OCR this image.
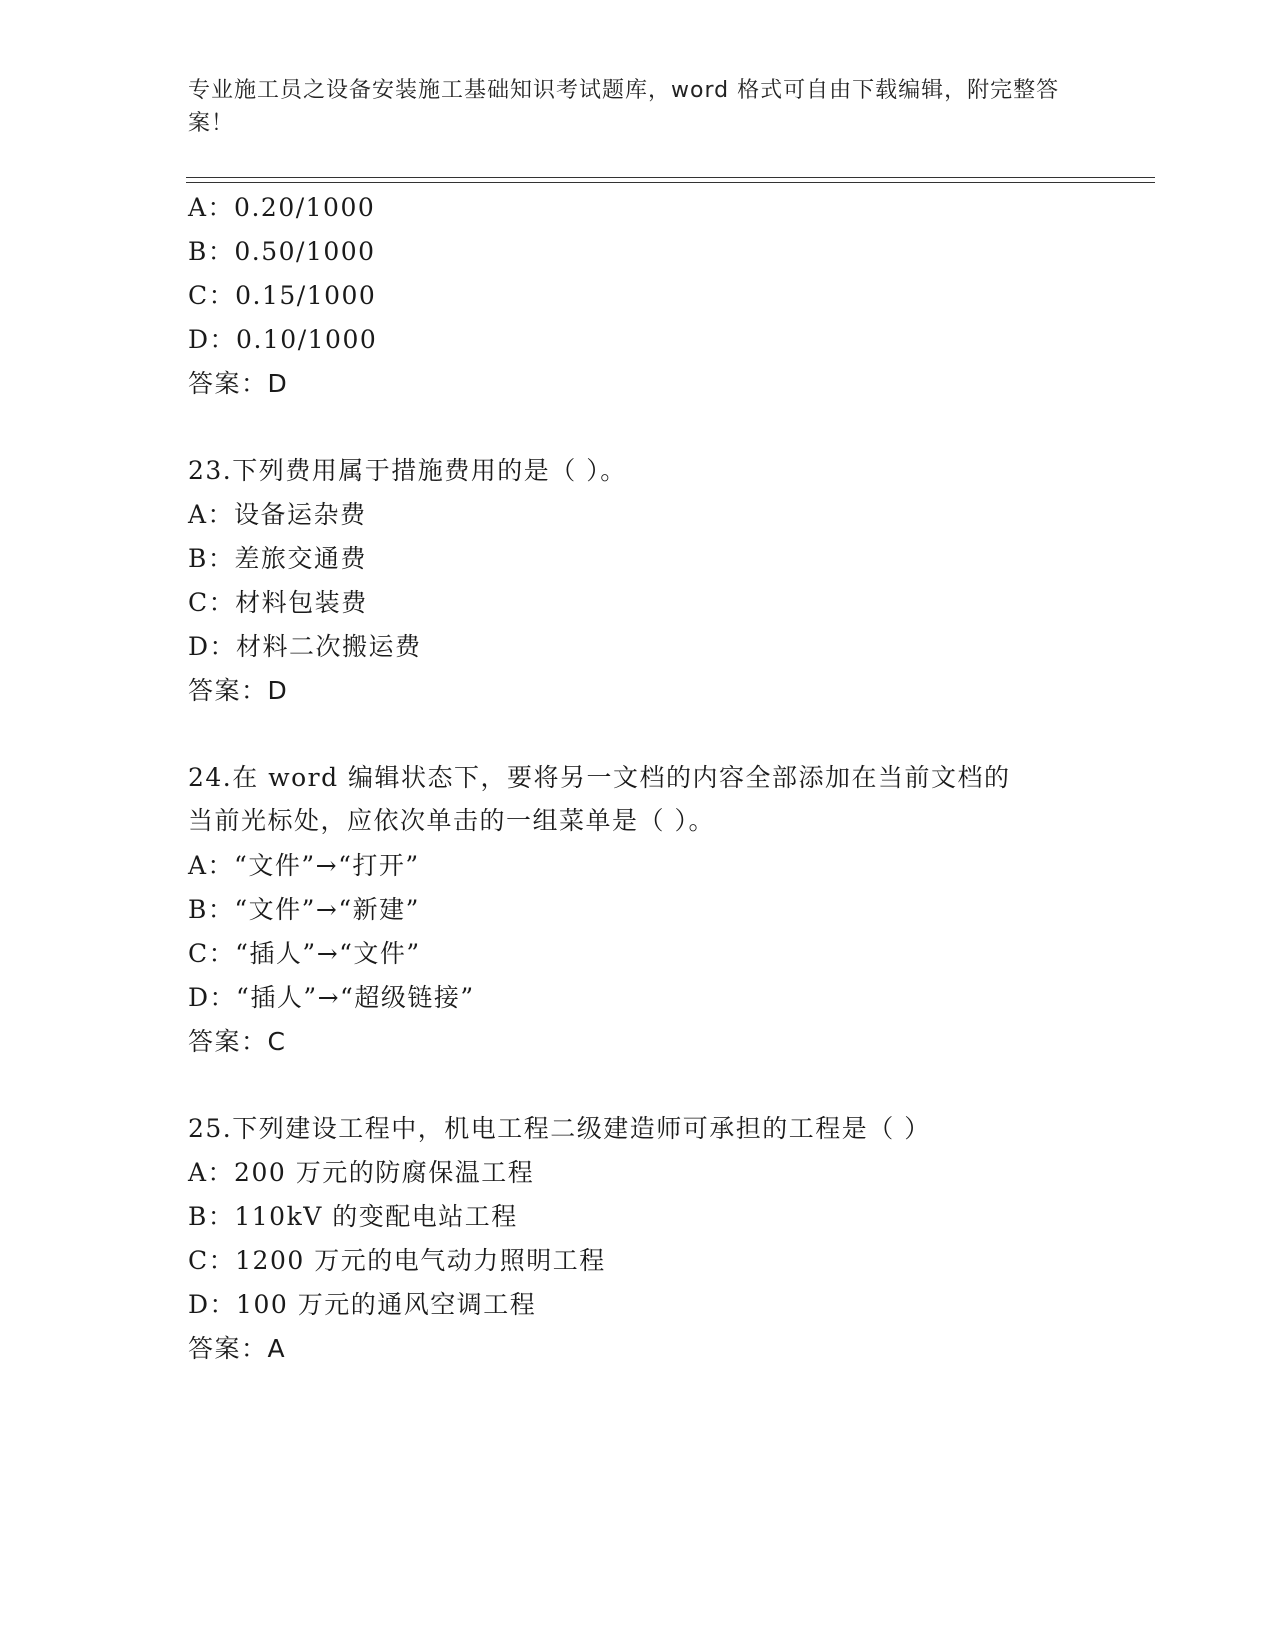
专业施工员之设备安装施工基础知识考试题库，word 格式可自由下载编辑，附完整答案！
A：0.20/1000
B：0.50/1000
C：0.15/1000
D：0.10/1000
答案：D
23.下列费用属于措施费用的是（ ）。
A：设备运杂费
B：差旅交通费
C：材料包装费
D：材料二次搬运费
答案：D
24.在 word 编辑状态下，要将另一文档的内容全部添加在当前文档的
当前光标处，应依次单击的一组菜单是（ ）。
A：“文件”→“打开”
B：“文件”→“新建”
C：“插人”→“文件”
D：“插人”→“超级链接”
答案：C
25.下列建设工程中，机电工程二级建造师可承担的工程是（ ）
A：200 万元的防腐保温工程
B：110kV 的变配电站工程
C：1200 万元的电气动力照明工程
D：100 万元的通风空调工程
答案：A
